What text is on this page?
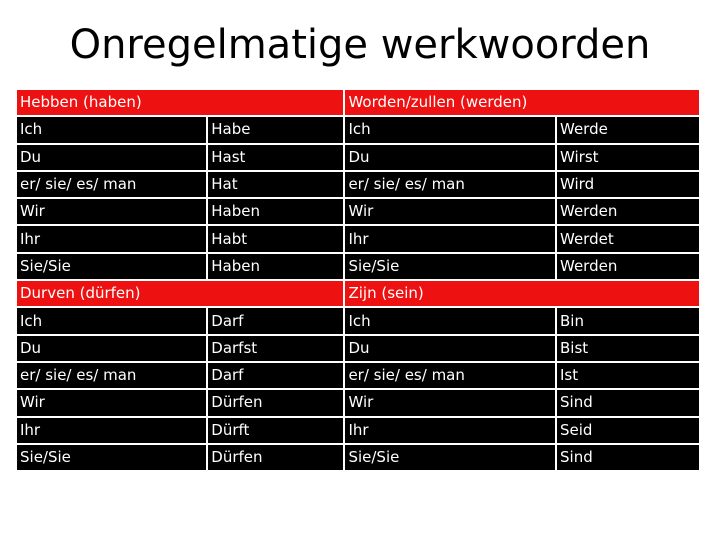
Onregelmatige werkwoorden
Hebben (haben)		Worden/zullen (werden)	
Ich	Habe	Ich	Werde
Du	Hast	Du	Wirst
er/ sie/ es/ man	Hat	er/ sie/ es/ man	Wird
Wir	Haben	Wir	Werden
Ihr	Habt	Ihr	Werdet
Sie/Sie	Haben	Sie/Sie	Werden
Durven (dürfen)		Zijn (sein)	
Ich	Darf	Ich	Bin
Du	Darfst	Du	Bist
er/ sie/ es/ man	Darf	er/ sie/ es/ man	Ist
Wir	Dürfen	Wir	Sind
Ihr	Dürft	Ihr	Seid
Sie/Sie	Dürfen	Sie/Sie	Sind
